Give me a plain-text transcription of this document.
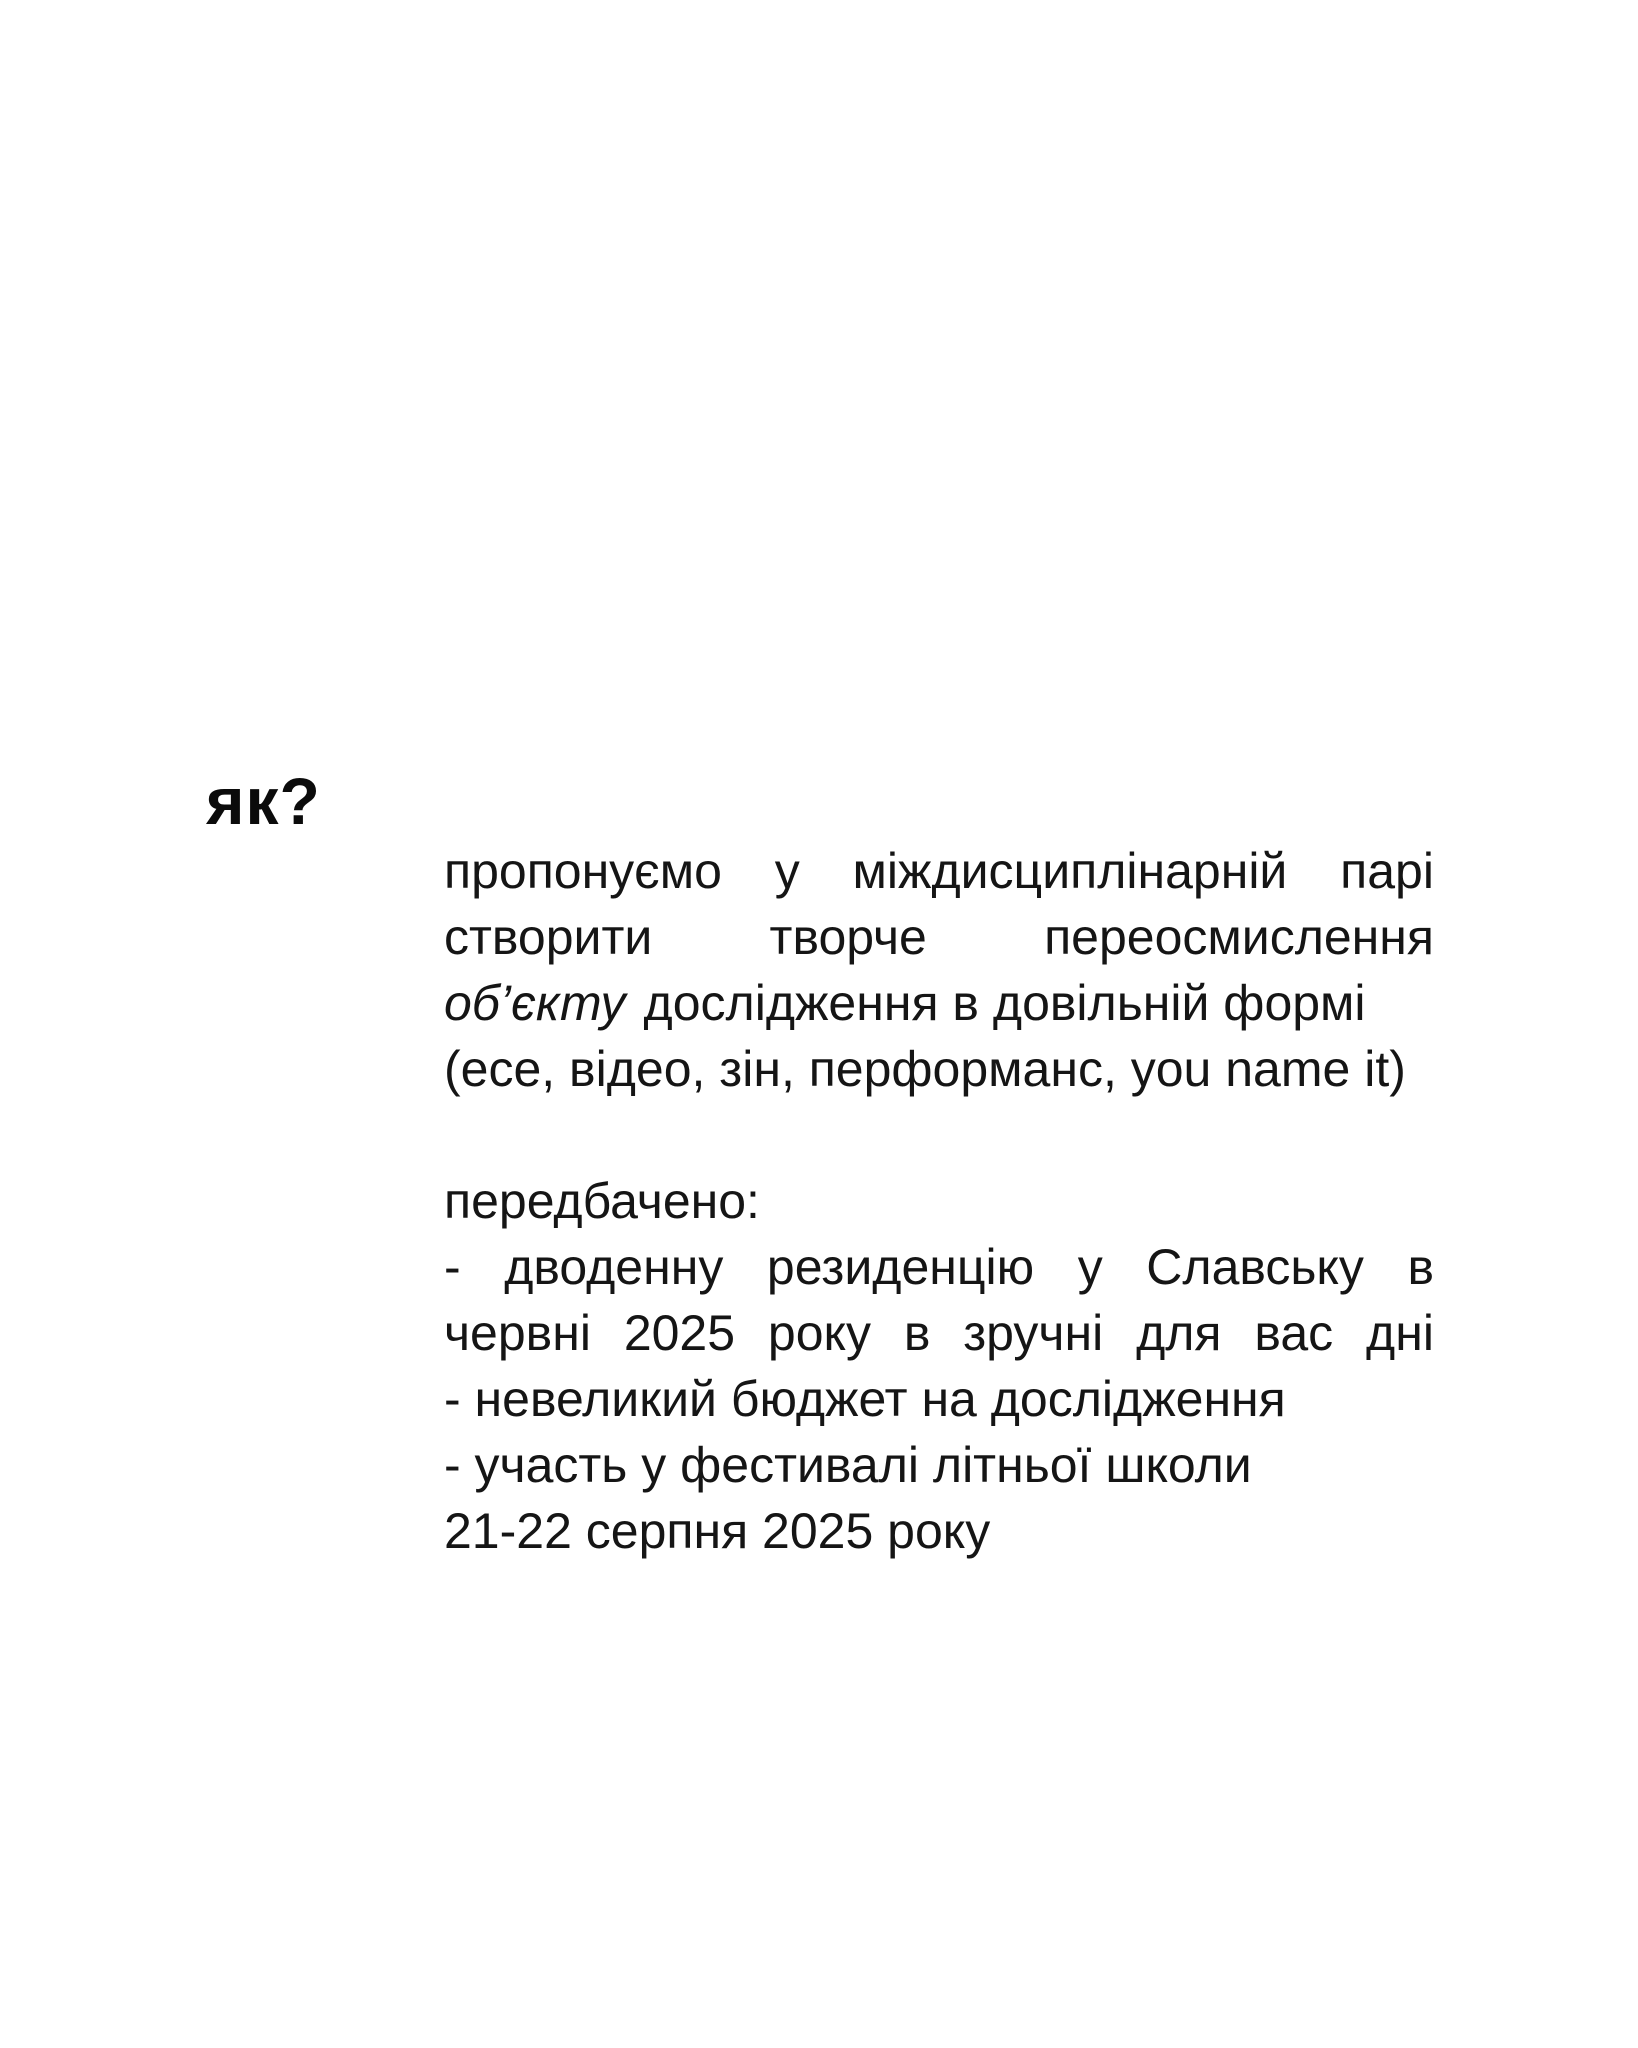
як?
пропонуємо у міждисциплінарній парі
створити творче переосмислення
об’єкту дослідження в довільній формі
(есе, відео, зін, перформанс, you name it)
передбачено:
- дводенну резиденцію у Славську в
червні 2025 року в зручні для вас дні
- невеликий бюджет на дослідження
- участь у фестивалі літньої школи
21-22 серпня 2025 року
